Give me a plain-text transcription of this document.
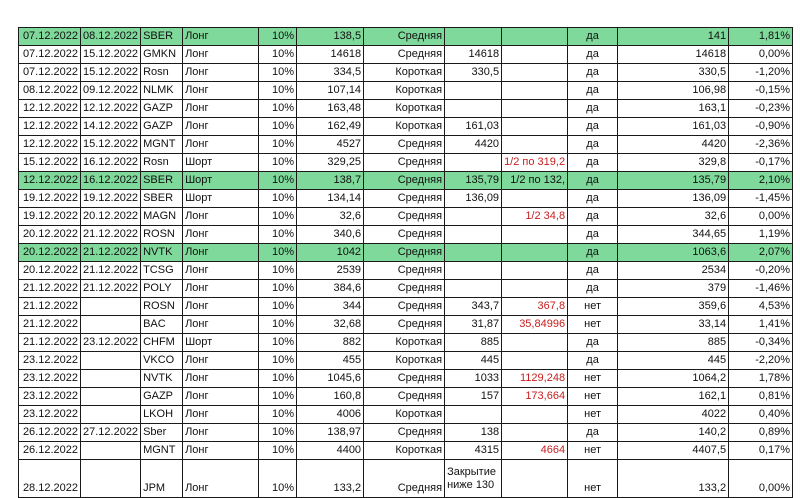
07.12.2022	08.12.2022	SBER	Лонг	10%	138,5	Средняя			да	141	1,81%
07.12.2022	15.12.2022	GMKN	Лонг	10%	14618	Средняя	14618		да	14618	0,00%
07.12.2022	15.12.2022	Rosn	Лонг	10%	334,5	Короткая	330,5		да	330,5	-1,20%
08.12.2022	09.12.2022	NLMK	Лонг	10%	107,14	Короткая			да	106,98	-0,15%
12.12.2022	12.12.2022	GAZP	Лонг	10%	163,48	Короткая			да	163,1	-0,23%
12.12.2022	14.12.2022	GAZP	Лонг	10%	162,49	Короткая	161,03		да	161,03	-0,90%
12.12.2022	15.12.2022	MGNT	Лонг	10%	4527	Средняя	4420		да	4420	-2,36%
15.12.2022	16.12.2022	Rosn	Шорт	10%	329,25	Средняя		1/2 по 319,2	да	329,8	-0,17%
12.12.2022	16.12.2022	SBER	Шорт	10%	138,7	Средняя	135,79	1/2 по 132,	да	135,79	2,10%
19.12.2022	19.12.2022	SBER	Шорт	10%	134,14	Средняя	136,09		да	136,09	-1,45%
19.12.2022	20.12.2022	MAGN	Лонг	10%	32,6	Средняя		1/2 34,8	да	32,6	0,00%
20.12.2022	21.12.2022	ROSN	Лонг	10%	340,6	Средняя			да	344,65	1,19%
20.12.2022	21.12.2022	NVTK	Лонг	10%	1042	Средняя			да	1063,6	2,07%
20.12.2022	21.12.2022	TCSG	Лонг	10%	2539	Средняя			да	2534	-0,20%
21.12.2022	21.12.2022	POLY	Лонг	10%	384,6	Средняя			да	379	-1,46%
21.12.2022		ROSN	Лонг	10%	344	Средняя	343,7	367,8	нет	359,6	4,53%
21.12.2022		BAC	Лонг	10%	32,68	Средняя	31,87	35,84996	нет	33,14	1,41%
21.12.2022	23.12.2022	CHFM	Шорт	10%	882	Короткая	885		да	885	-0,34%
23.12.2022		VKCO	Лонг	10%	455	Короткая	445		да	445	-2,20%
23.12.2022		NVTK	Лонг	10%	1045,6	Средняя	1033	1129,248	нет	1064,2	1,78%
23.12.2022		GAZP	Лонг	10%	160,8	Средняя	157	173,664	нет	162,1	0,81%
23.12.2022		LKOH	Лонг	10%	4006	Короткая			нет	4022	0,40%
26.12.2022	27.12.2022	Sber	Лонг	10%	138,97	Средняя	138		да	140,2	0,89%
26.12.2022		MGNT	Лонг	10%	4400	Короткая	4315	4664	нет	4407,5	0,17%
28.12.2022		JPM	Лонг	10%	133,2	Средняя	Закрытие ниже 130		нет	133,2	0,00%
